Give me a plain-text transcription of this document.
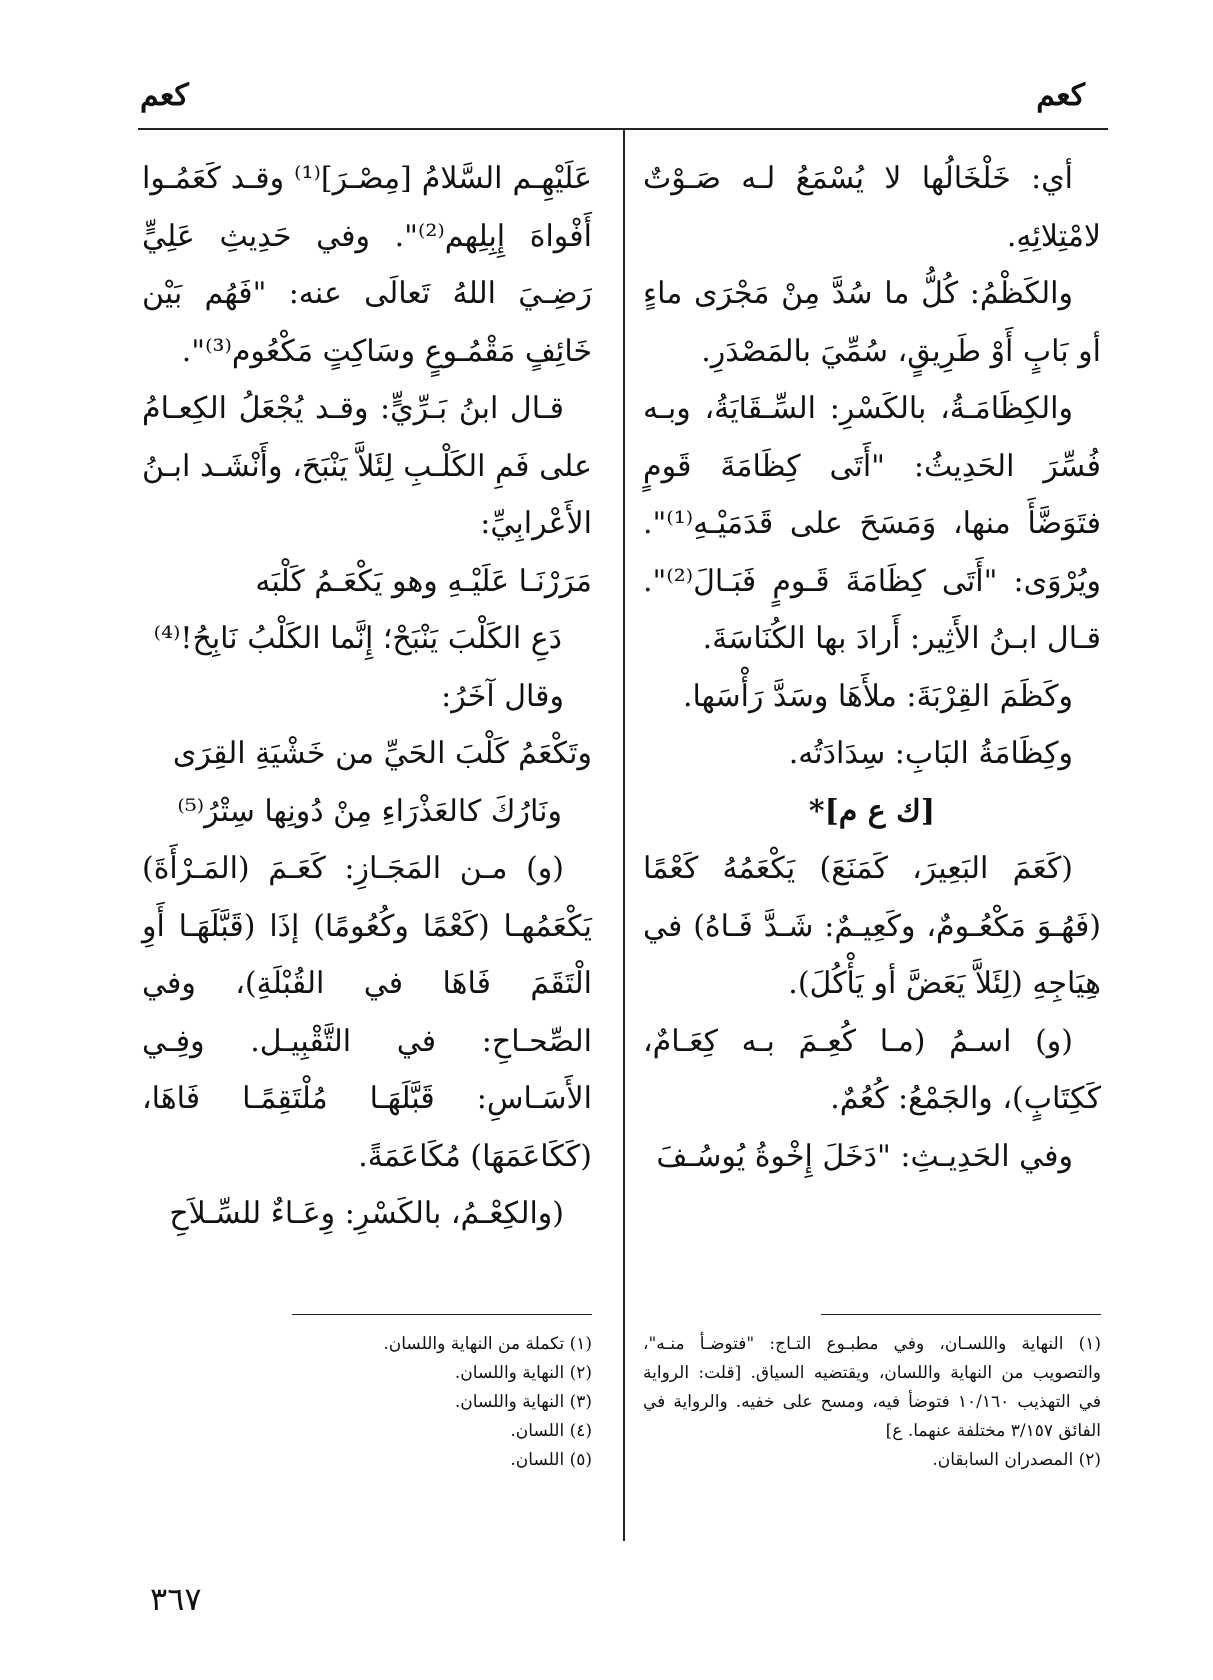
كعم
كعم

أي: خَلْخَالُها لا يُسْمَعُ لـه صَـوْتٌ لامْتِلائِهِ.

والكَظْمُ: كُلُّ ما سُدَّ مِنْ مَجْرَى ماءٍ أو بَابٍ أَوْ طَرِيقٍ، سُمِّيَ بالمَصْدَرِ.

والكِظَامَـةُ، بالكَسْرِ: السِّـقَايَةُ، وبـه فُسِّرَ الحَدِيثُ: "أَتَى كِظَامَةَ قَومٍ فتَوَضَّأَ منها، وَمَسَحَ على قَدَمَيْـهِ⁽¹⁾". ويُرْوَى: "أَتَى كِظَامَةَ قَـومٍ فَبَـالَ⁽²⁾". قـال ابـنُ الأَثِير: أَرادَ بها الكُنَاسَةَ.

وكَظَمَ القِرْبَةَ: ملأَهَا وسَدَّ رَأْسَها.

وكِظَامَةُ البَابِ: سِدَادَتُه.

[ك ع م]*

(كَعَمَ البَعِيرَ، كَمَنَعَ) يَكْعَمُهُ كَعْمًا (فَهُـوَ مَكْعُـومٌ، وكَعِيـمٌ: شَـدَّ فَـاهُ) في هِيَاجِهِ (لِئَلاَّ يَعَضَّ أو يَأْكُلَ).

(و) اسـمُ (مـا كُعِـمَ بـه كِعَـامٌ، كَكِتَابٍ)، والجَمْعُ: كُعُمٌ.

وفي الحَدِيـثِ: "دَخَلَ إِخْوةُ يُوسُـفَ

عَلَيْهِـم السَّلامُ [مِصْـرَ]⁽¹⁾ وقـد كَعَمُـوا أَفْواهَ إِبِلِهم⁽²⁾". وفي حَدِيثِ عَلِيٍّ رَضِـيَ اللهُ تَعالَى عنه: "فَهُم بَيْن خَائِفٍ مَقْمُـوعٍ وسَاكِتٍ مَكْعُوم⁽³⁾".

قـال ابنُ بَـرِّيٍّ: وقـد يُجْعَلُ الكِعـامُ على فَمِ الكَلْـبِ لِئَلاَّ يَنْبَحَ، وأَنْشَـد ابـنُ الأَعْرابِيِّ:

مَرَرْنَـا عَلَيْـهِ وهو يَكْعَـمُ كَلْبَه

دَعِ الكَلْبَ يَنْبَحْ؛ إِنَّما الكَلْبُ نَابِحُ!⁽⁴⁾

وقال آخَرُ:

وتَكْعَمُ كَلْبَ الحَيِّ من خَشْيَةِ القِرَى

ونَارُكَ كالعَذْرَاءِ مِنْ دُونِها سِتْرُ⁽⁵⁾

(و) مـن المَجَـازِ: كَعَـمَ (المَـرْأَةَ) يَكْعَمُهـا (كَعْمًا وكُعُومًا) إذَا (قَبَّلَهَـا أَوِ الْتَقَمَ فَاهَا في القُبْلَةِ)، وفي الصِّحـاحِ: في التَّقْبِيـل. وفِـي الأَسَـاسِ: قَبَّلَهَـا مُلْتَقِمًـا فَاهَا، (كَكَاعَمَهَا) مُكَاعَمَةً.

(والكِعْـمُ، بالكَسْرِ: وِعَـاءٌ للسِّـلاَحِ

(١) النهاية واللسـان، وفي مطبـوع التـاج: "فتوضـأ منـه"، والتصويب من النهاية واللسان، ويقتضيه السياق. [قلت: الرواية في التهذيب ١٠/١٦٠ فتوضأ فيه، ومسح على خفيه. والرواية في الفائق ٣/١٥٧ مختلفة عنهما. ع]
(٢) المصدران السابقان.
(١) تكملة من النهاية واللسان.
(٢) النهاية واللسان.
(٣) النهاية واللسان.
(٤) اللسان.
(٥) اللسان.
٣٦٧
